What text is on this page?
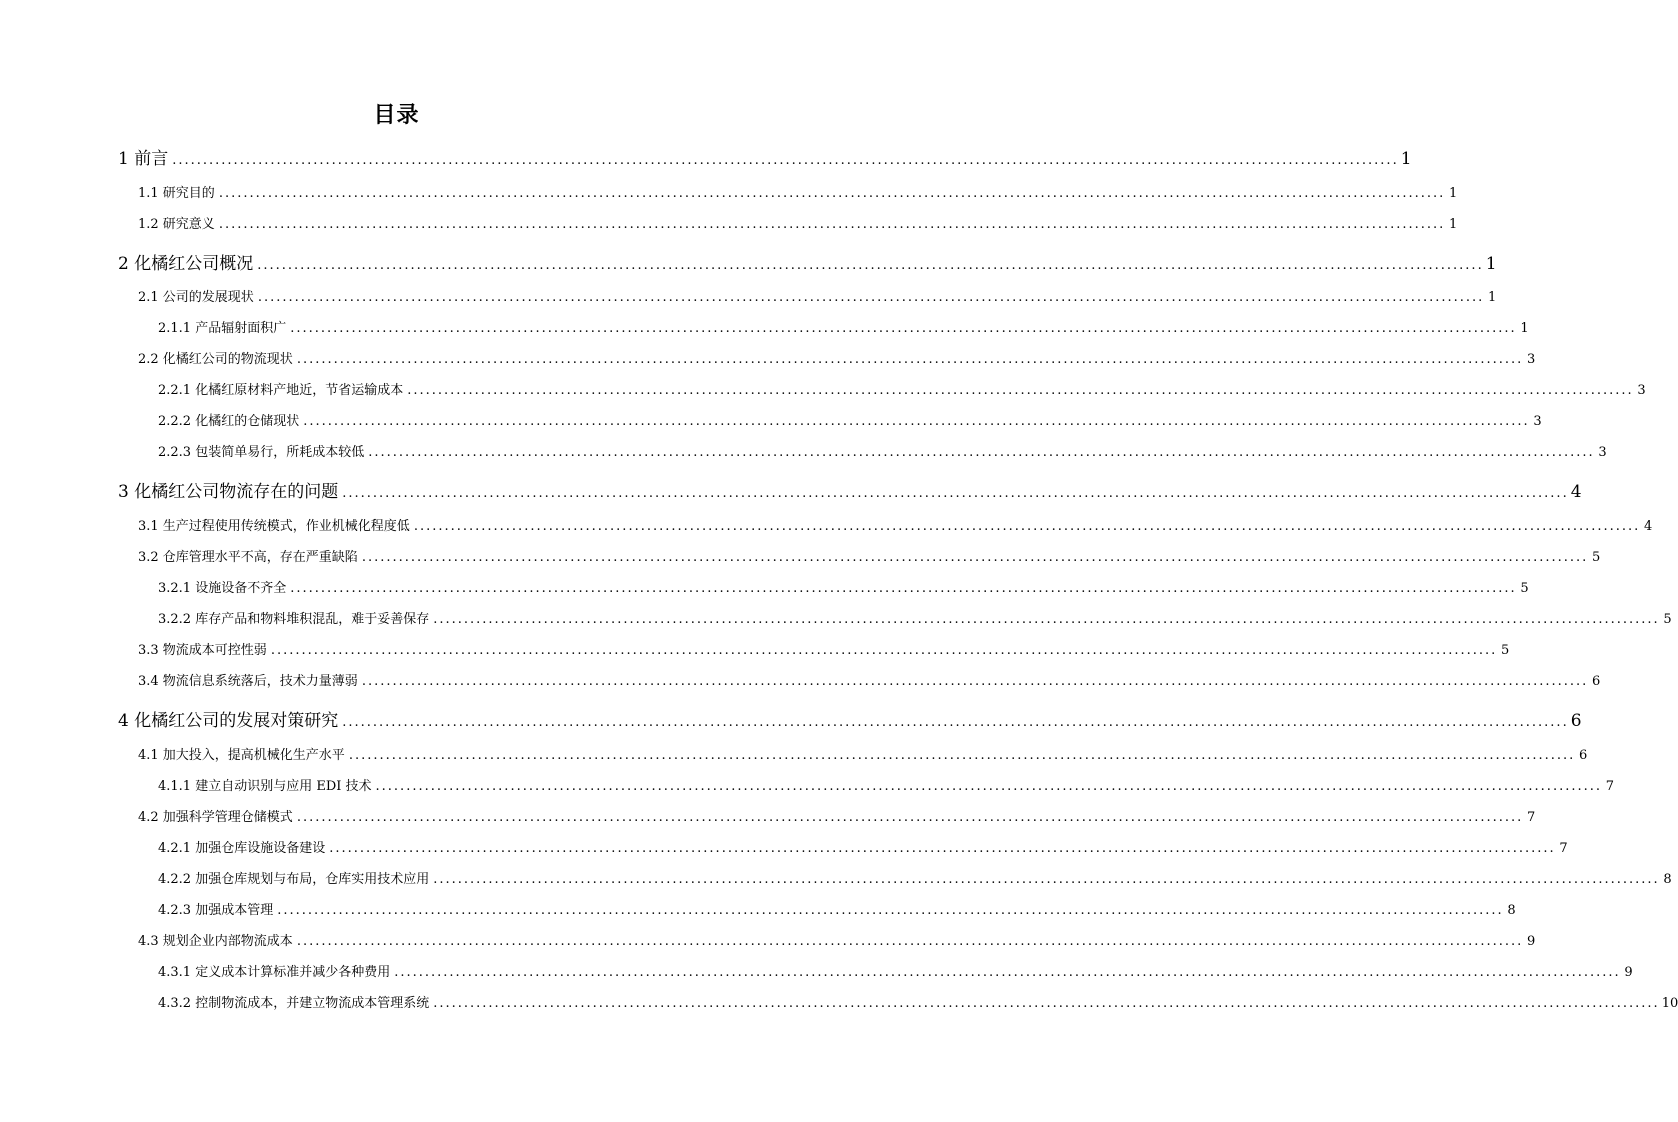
目录
1 前言 ........................................................................................................................................................................................................ 1
1.1 研究目的 ........................................................................................................................................................................................................ 1
1.2 研究意义 ........................................................................................................................................................................................................ 1
2 化橘红公司概况 ........................................................................................................................................................................................................ 1
2.1 公司的发展现状 ........................................................................................................................................................................................................ 1
2.1.1 产品辐射面积广 ........................................................................................................................................................................................................ 1
2.2 化橘红公司的物流现状 ........................................................................................................................................................................................................ 3
2.2.1 化橘红原材料产地近，节省运输成本 ........................................................................................................................................................................................................ 3
2.2.2 化橘红的仓储现状 ........................................................................................................................................................................................................ 3
2.2.3 包装简单易行，所耗成本较低 ........................................................................................................................................................................................................ 3
3 化橘红公司物流存在的问题 ........................................................................................................................................................................................................ 4
3.1 生产过程使用传统模式，作业机械化程度低 ........................................................................................................................................................................................................ 4
3.2 仓库管理水平不高，存在严重缺陷 ........................................................................................................................................................................................................ 5
3.2.1 设施设备不齐全 ........................................................................................................................................................................................................ 5
3.2.2 库存产品和物料堆积混乱，难于妥善保存 ........................................................................................................................................................................................................ 5
3.3 物流成本可控性弱 ........................................................................................................................................................................................................ 5
3.4 物流信息系统落后，技术力量薄弱 ........................................................................................................................................................................................................ 6
4 化橘红公司的发展对策研究 ........................................................................................................................................................................................................ 6
4.1 加大投入，提高机械化生产水平 ........................................................................................................................................................................................................ 6
4.1.1 建立自动识别与应用 EDI 技术 ........................................................................................................................................................................................................ 7
4.2 加强科学管理仓储模式 ........................................................................................................................................................................................................ 7
4.2.1 加强仓库设施设备建设 ........................................................................................................................................................................................................ 7
4.2.2 加强仓库规划与布局，仓库实用技术应用 ........................................................................................................................................................................................................ 8
4.2.3 加强成本管理 ........................................................................................................................................................................................................ 8
4.3 规划企业内部物流成本 ........................................................................................................................................................................................................ 9
4.3.1 定义成本计算标准并减少各种费用 ........................................................................................................................................................................................................ 9
4.3.2 控制物流成本，并建立物流成本管理系统 ........................................................................................................................................................................................................ 10
